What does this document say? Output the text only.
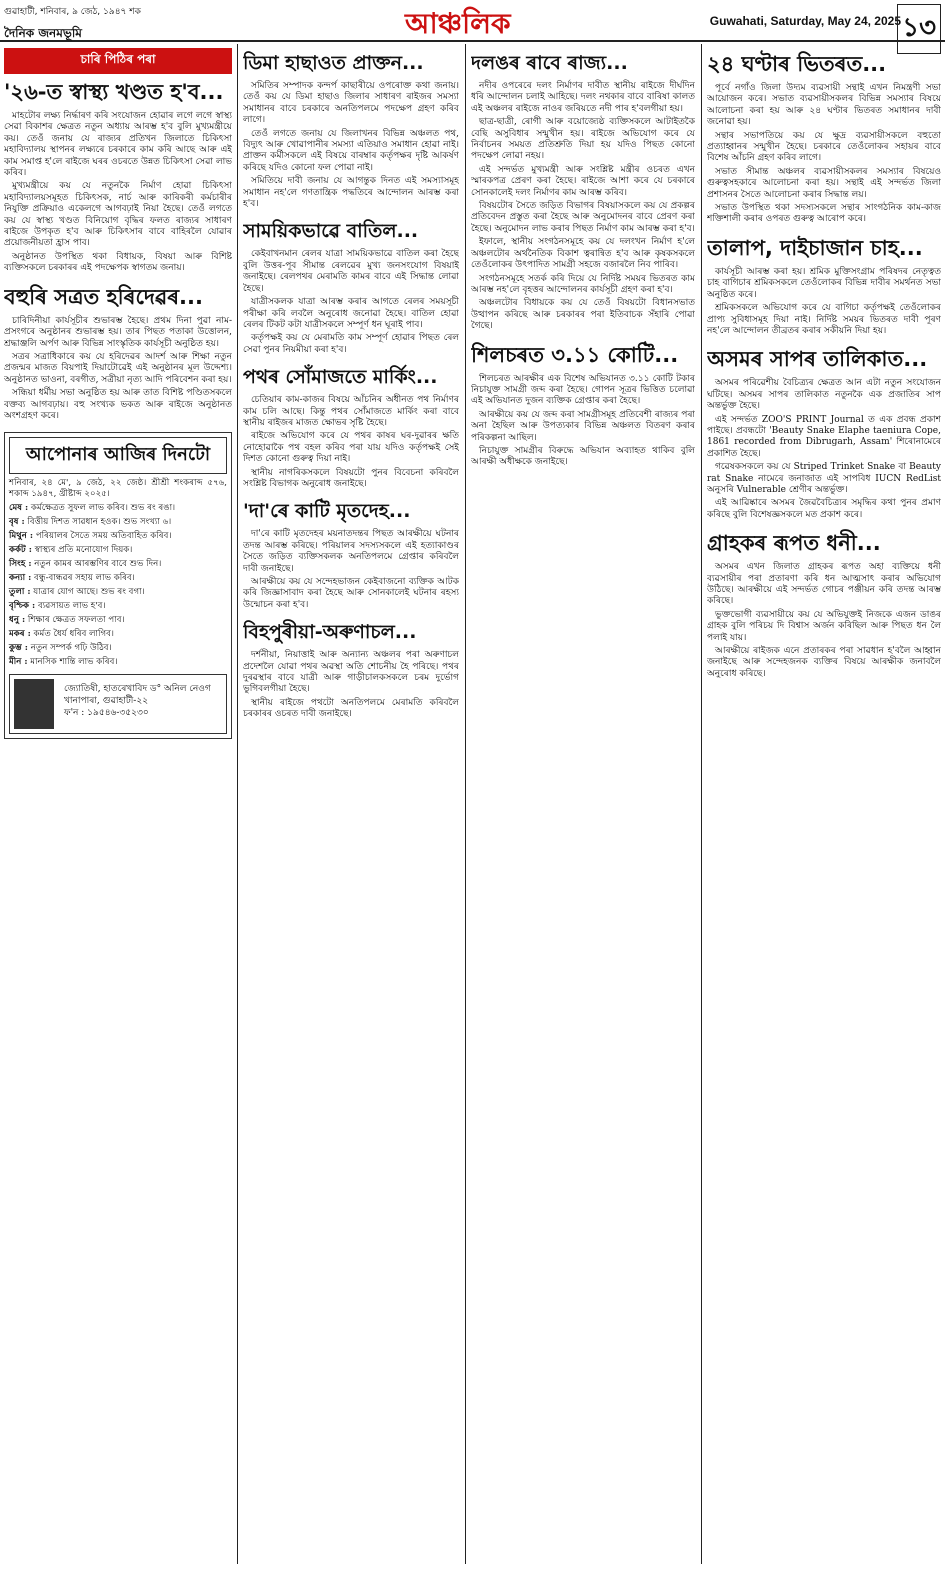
গুৱাহাটী, শনিবাৰ, ৯ জেঠ, ১৯৪৭ শক
দৈনিক জনমভূমি	আঞ্চলিক	Guwahati, Saturday, May 24, 2025 ১৩
চাৰি পিঠিৰ পৰা
'২৬-ত স্বাস্থ্য খণ্ডত হ'ব...

মাহটোৰ লক্ষ্য নিৰ্দ্ধাৰণ কৰি সংযোজন হোৱাৰ লগে লগে স্বাস্থ্য সেৱা বিকাশৰ ক্ষেত্ৰত নতুন অধ্যায় আৰম্ভ হ'ব বুলি মুখ্যমন্ত্ৰীয়ে কয়। তেওঁ জনায় যে ৰাজ্যৰ প্ৰতিখন জিলাতে চিকিৎসা মহাবিদ্যালয় স্থাপনৰ লক্ষ্যৰে চৰকাৰে কাম কৰি আছে আৰু এই কাম সমাপ্ত হ'লে ৰাইজে ঘৰৰ ওচৰতে উন্নত চিকিৎসা সেৱা লাভ কৰিব।

মুখ্যমন্ত্ৰীয়ে কয় যে নতুনকৈ নিৰ্মাণ হোৱা চিকিৎসা মহাবিদ্যালয়সমূহত চিকিৎসক, নাৰ্চ আৰু কাৰিকৰী কৰ্মচাৰীৰ নিযুক্তি প্ৰক্ৰিয়াও একেলগে আগবঢ়াই নিয়া হৈছে। তেওঁ লগতে কয় যে স্বাস্থ্য খণ্ডত বিনিয়োগ বৃদ্ধিৰ ফলত ৰাজ্যৰ সাধাৰণ ৰাইজে উপকৃত হ'ব আৰু চিকিৎসাৰ বাবে বাহিৰলৈ যোৱাৰ প্ৰয়োজনীয়তা হ্ৰাস পাব।

অনুষ্ঠানত উপস্থিত থকা বিধায়ক, বিষয়া আৰু বিশিষ্ট ব্যক্তিসকলে চৰকাৰৰ এই পদক্ষেপক স্বাগতম জনায়।

বহুৰি সত্ৰত হৰিদেৱৰ...

চাৰিদিনীয়া কাৰ্যসূচীৰ শুভাৰম্ভ হৈছে। প্ৰথম দিনা পুৱা নাম-প্ৰসংগৰে অনুষ্ঠানৰ শুভাৰম্ভ হয়। তাৰ পিছত পতাকা উত্তোলন, শ্ৰদ্ধাঞ্জলি অৰ্পণ আৰু বিভিন্ন সাংস্কৃতিক কাৰ্যসূচী অনুষ্ঠিত হয়।

সত্ৰৰ সত্ৰাধিকাৰে কয় যে হৰিদেৱৰ আদৰ্শ আৰু শিক্ষা নতুন প্ৰজন্মৰ মাজত বিয়পাই দিয়াটোৱেই এই অনুষ্ঠানৰ মূল উদ্দেশ্য। অনুষ্ঠানত ভাওনা, বৰগীত, সত্ৰীয়া নৃত্য আদি পৰিবেশন কৰা হয়।

সন্ধিয়া ধৰ্মীয় সভা অনুষ্ঠিত হয় আৰু তাত বিশিষ্ট পণ্ডিতসকলে বক্তব্য আগবঢ়ায়। বহু সংখ্যক ভকত আৰু ৰাইজে অনুষ্ঠানত অংশগ্ৰহণ কৰে।

আপোনাৰ আজিৰ দিনটো
শনিবাৰ, ২৪ মে', ৯ জেঠ, ২২ জেষ্ঠ। শ্ৰীশ্ৰী শংকৰাব্দ ৫৭৬, শকাব্দ ১৯৪৭, খ্ৰীষ্টাব্দ ২০২৫।
মেষ : কৰ্মক্ষেত্ৰত সুফল লাভ কৰিব। শুভ ৰং ৰঙা।
বৃষ : বিত্তীয় দিশত সাৱধান হওক। শুভ সংখ্যা ৬।
মিথুন : পৰিয়ালৰ সৈতে সময় অতিবাহিত কৰিব।
কৰ্কট : স্বাস্থ্যৰ প্ৰতি মনোযোগ দিয়ক।
সিংহ : নতুন কামৰ আৰম্ভণিৰ বাবে শুভ দিন।
কন্যা : বন্ধু-বান্ধৱৰ সহায় লাভ কৰিব।
তুলা : যাত্ৰাৰ যোগ আছে। শুভ ৰং বগা।
বৃশ্চিক : ব্যৱসায়ত লাভ হ'ব।
ধনু : শিক্ষাৰ ক্ষেত্ৰত সফলতা পাব।
মকৰ : কৰ্মত ধৈৰ্য ধৰিব লাগিব।
কুম্ভ : নতুন সম্পৰ্ক গঢ়ি উঠিব।
মীন : মানসিক শান্তি লাভ কৰিব।
জ্যোতিষী, হাতৰেখাবিদ ড° অনিল নেওগ
খানাপাৰা, গুৱাহাটী-২২
ফ'ন : ১৯৫৪৬-৩৫২৩০
ডিমা হাছাওত প্ৰাক্তন...

সমিতিৰ সম্পাদক কন্দৰ্প কাছাৰীয়ে ওপৰোক্ত কথা জনায়। তেওঁ কয় যে ডিমা হাছাও জিলাৰ সাধাৰণ ৰাইজৰ সমস্যা সমাধানৰ বাবে চৰকাৰে অনতিপলমে পদক্ষেপ গ্ৰহণ কৰিব লাগে।

তেওঁ লগতে জনায় যে জিলাখনৰ বিভিন্ন অঞ্চলত পথ, বিদ্যুৎ আৰু খোৱাপানীৰ সমস্যা এতিয়াও সমাধান হোৱা নাই। প্ৰাক্তন কৰ্মীসকলে এই বিষয়ে বাৰম্বাৰ কৰ্তৃপক্ষৰ দৃষ্টি আকৰ্ষণ কৰিছে যদিও কোনো ফল পোৱা নাই।

সমিতিয়ে দাবী জনায় যে আগন্তুক দিনত এই সমস্যাসমূহ সমাধান নহ'লে গণতান্ত্ৰিক পদ্ধতিৰে আন্দোলন আৰম্ভ কৰা হ'ব।

সাময়িকভাৱে বাতিল...

কেইবাখনমান ৰেলৰ যাত্ৰা সাময়িকভাৱে বাতিল কৰা হৈছে বুলি উত্তৰ-পূব সীমান্ত ৰেলৱেৰ মুখ্য জনসংযোগ বিষয়াই জনাইছে। ৰেলপথৰ মেৰামতি কামৰ বাবে এই সিদ্ধান্ত লোৱা হৈছে।

যাত্ৰীসকলক যাত্ৰা আৰম্ভ কৰাৰ আগতে ৰেলৰ সময়সূচী পৰীক্ষা কৰি লবলৈ অনুৰোধ জনোৱা হৈছে। বাতিল হোৱা ৰেলৰ টিকট কটা যাত্ৰীসকলে সম্পূৰ্ণ ধন ঘূৰাই পাব।

কৰ্তৃপক্ষই কয় যে মেৰামতি কাম সম্পূৰ্ণ হোৱাৰ পিছত ৰেল সেৱা পুনৰ নিয়মীয়া কৰা হ'ব।

পথৰ সোঁমাজতে মাৰ্কিং...

চেতিয়াৰ কাম-কাজৰ বিষয়ে আঁচনিৰ অধীনত পথ নিৰ্মাণৰ কাম চলি আছে। কিন্তু পথৰ সোঁমাজতে মাৰ্কিং কৰা বাবে স্থানীয় ৰাইজৰ মাজত ক্ষোভৰ সৃষ্টি হৈছে।

ৰাইজে অভিযোগ কৰে যে পথৰ কাষৰ ঘৰ-দুৱাৰৰ ক্ষতি নোহোৱাকৈ পথ বহল কৰিব পৰা যায় যদিও কৰ্তৃপক্ষই সেই দিশত কোনো গুৰুত্ব দিয়া নাই।

স্থানীয় নাগৰিকসকলে বিষয়টো পুনৰ বিবেচনা কৰিবলৈ সংশ্লিষ্ট বিভাগক অনুৰোধ জনাইছে।

'দা'ৰে কাটি মৃতদেহ...

দা'ৰে কাটি মৃতদেহৰ ময়নাতদন্তৰ পিছত আৰক্ষীয়ে ঘটনাৰ তদন্ত আৰম্ভ কৰিছে। পৰিয়ালৰ সদস্যসকলে এই হত্যাকাণ্ডৰ সৈতে জড়িত ব্যক্তিসকলক অনতিপলমে গ্ৰেপ্তাৰ কৰিবলৈ দাবী জনাইছে।

আৰক্ষীয়ে কয় যে সন্দেহভাজন কেইবাজনো ব্যক্তিক আটক কৰি জিজ্ঞাসাবাদ কৰা হৈছে আৰু সোনকালেই ঘটনাৰ ৰহস্য উন্মোচন কৰা হ'ব।

বিহপুৰীয়া-অৰুণাচল...

দৰ্শনীয়া, নিয়াত্তাই আৰু অন্যান্য অঞ্চলৰ পৰা অৰুণাচল প্ৰদেশলৈ যোৱা পথৰ অৱস্থা অতি শোচনীয় হৈ পৰিছে। পথৰ দুৰৱস্থাৰ বাবে যাত্ৰী আৰু গাড়ীচালকসকলে চৰম দুৰ্ভোগ ভুগিবলগীয়া হৈছে।

স্থানীয় ৰাইজে পথটো অনতিপলমে মেৰামতি কৰিবলৈ চৰকাৰৰ ওচৰত দাবী জনাইছে।

দলঙৰ ৰাবে ৰাজ্য...

নদীৰ ওপৰেৰে দলং নিৰ্মাণৰ দাবীত স্থানীয় ৰাইজে দীৰ্ঘদিন ধৰি আন্দোলন চলাই আহিছে। দলং নথকাৰ বাবে বাৰিষা কালত এই অঞ্চলৰ ৰাইজে নাওৰ জৰিয়তে নদী পাৰ হ'বলগীয়া হয়।

ছাত্ৰ-ছাত্ৰী, ৰোগী আৰু বয়োজ্যেষ্ঠ ব্যক্তিসকলে আটাইতকৈ বেছি অসুবিধাৰ সন্মুখীন হয়। ৰাইজে অভিযোগ কৰে যে নিৰ্বাচনৰ সময়ত প্ৰতিশ্ৰুতি দিয়া হয় যদিও পিছত কোনো পদক্ষেপ লোৱা নহয়।

এই সন্দৰ্ভত মুখ্যমন্ত্ৰী আৰু সংশ্লিষ্ট মন্ত্ৰীৰ ওচৰত এখন স্মাৰকপত্ৰ প্ৰেৰণ কৰা হৈছে। ৰাইজে আশা কৰে যে চৰকাৰে সোনকালেই দলং নিৰ্মাণৰ কাম আৰম্ভ কৰিব।

বিষয়টোৰ সৈতে জড়িত বিভাগৰ বিষয়াসকলে কয় যে প্ৰকল্পৰ প্ৰতিবেদন প্ৰস্তুত কৰা হৈছে আৰু অনুমোদনৰ বাবে প্ৰেৰণ কৰা হৈছে। অনুমোদন লাভ কৰাৰ পিছত নিৰ্মাণ কাম আৰম্ভ কৰা হ'ব।

ইফালে, স্থানীয় সংগঠনসমূহে কয় যে দলংখন নিৰ্মাণ হ'লে অঞ্চলটোৰ অৰ্থনৈতিক বিকাশ ত্বৰান্বিত হ'ব আৰু কৃষকসকলে তেওঁলোকৰ উৎপাদিত সামগ্ৰী সহজে বজাৰলৈ নিব পাৰিব।

সংগঠনসমূহে সতৰ্ক কৰি দিয়ে যে নিৰ্দিষ্ট সময়ৰ ভিতৰত কাম আৰম্ভ নহ'লে বৃহত্তৰ আন্দোলনৰ কাৰ্যসূচী গ্ৰহণ কৰা হ'ব।

অঞ্চলটোৰ বিধায়কে কয় যে তেওঁ বিষয়টো বিধানসভাত উত্থাপন কৰিছে আৰু চৰকাৰৰ পৰা ইতিবাচক সঁহাৰি পোৱা গৈছে।

শিলচৰত ৩.১১ কোটি...

শিলচৰত আৰক্ষীৰ এক বিশেষ অভিযানত ৩.১১ কোটি টকাৰ নিচাযুক্ত সামগ্ৰী জব্দ কৰা হৈছে। গোপন সূত্ৰৰ ভিত্তিত চলোৱা এই অভিযানত দুজন ব্যক্তিক গ্ৰেপ্তাৰ কৰা হৈছে।

আৰক্ষীয়ে কয় যে জব্দ কৰা সামগ্ৰীসমূহ প্ৰতিবেশী ৰাজ্যৰ পৰা অনা হৈছিল আৰু উপত্যকাৰ বিভিন্ন অঞ্চলত বিতৰণ কৰাৰ পৰিকল্পনা আছিল।

নিচাযুক্ত সামগ্ৰীৰ বিৰুদ্ধে অভিযান অব্যাহত থাকিব বুলি আৰক্ষী অধীক্ষকে জনাইছে।

২৪ ঘণ্টাৰ ভিতৰত...

পূৰ্বে নগাঁও জিলা উদ্যম ব্যৱসায়ী সন্থাই এখন নিমন্ত্ৰণী সভা আয়োজন কৰে। সভাত ব্যৱসায়ীসকলৰ বিভিন্ন সমস্যাৰ বিষয়ে আলোচনা কৰা হয় আৰু ২৪ ঘণ্টাৰ ভিতৰত সমাধানৰ দাবী জনোৱা হয়।

সন্থাৰ সভাপতিয়ে কয় যে ক্ষুদ্ৰ ব্যৱসায়ীসকলে বহুতো প্ৰত্যাহ্বানৰ সন্মুখীন হৈছে। চৰকাৰে তেওঁলোকৰ সহায়ৰ বাবে বিশেষ আঁচনি গ্ৰহণ কৰিব লাগে।

সভাত সীমান্ত অঞ্চলৰ ব্যৱসায়ীসকলৰ সমস্যাৰ বিষয়েও গুৰুত্বসহকাৰে আলোচনা কৰা হয়। সন্থাই এই সন্দৰ্ভত জিলা প্ৰশাসনৰ সৈতে আলোচনা কৰাৰ সিদ্ধান্ত লয়।

সভাত উপস্থিত থকা সদস্যসকলে সন্থাৰ সাংগঠনিক কাম-কাজ শক্তিশালী কৰাৰ ওপৰত গুৰুত্ব আৰোপ কৰে।

তালাপ, দাইচাজান চাহ...

কাৰ্যসূচী আৰম্ভ কৰা হয়। শ্ৰমিক মুক্তিসংগ্ৰাম পৰিষদৰ নেতৃত্বত চাহ বাগিচাৰ শ্ৰমিকসকলে তেওঁলোকৰ বিভিন্ন দাবীৰ সমৰ্থনত সভা অনুষ্ঠিত কৰে।

শ্ৰমিকসকলে অভিযোগ কৰে যে বাগিচা কৰ্তৃপক্ষই তেওঁলোকৰ প্ৰাপ্য সুবিধাসমূহ দিয়া নাই। নিৰ্দিষ্ট সময়ৰ ভিতৰত দাবী পূৰণ নহ'লে আন্দোলন তীব্ৰতৰ কৰাৰ সকীয়নি দিয়া হয়।

অসমৰ সাপৰ তালিকাত...

অসমৰ পৰিৱেশীয় বৈচিত্ৰ্যৰ ক্ষেত্ৰত আন এটা নতুন সংযোজন ঘটিছে। অসমৰ সাপৰ তালিকাত নতুনকৈ এক প্ৰজাতিৰ সাপ অন্তৰ্ভুক্ত হৈছে।

এই সন্দৰ্ভত ZOO'S PRINT Journal ত এক প্ৰবন্ধ প্ৰকাশ পাইছে। প্ৰবন্ধটো 'Beauty Snake Elaphe taeniura Cope, 1861 recorded from Dibrugarh, Assam' শিৰোনামেৰে প্ৰকাশিত হৈছে।

গৱেষকসকলে কয় যে Striped Trinket Snake বা Beauty rat Snake নামেৰে জনাজাত এই সাপবিধ IUCN RedList অনুসৰি Vulnerable শ্ৰেণীৰ অন্তৰ্ভুক্ত।

এই আৱিষ্কাৰে অসমৰ জৈৱবৈচিত্ৰ্যৰ সমৃদ্ধিৰ কথা পুনৰ প্ৰমাণ কৰিছে বুলি বিশেষজ্ঞসকলে মত প্ৰকাশ কৰে।

গ্ৰাহকৰ ৰূপত ধনী...

অসমৰ এখন জিলাত গ্ৰাহকৰ ৰূপত অহা ব্যক্তিয়ে ধনী ব্যৱসায়ীৰ পৰা প্ৰতাৰণা কৰি ধন আত্মসাৎ কৰাৰ অভিযোগ উঠিছে। আৰক্ষীয়ে এই সন্দৰ্ভত গোচৰ পঞ্জীয়ন কৰি তদন্ত আৰম্ভ কৰিছে।

ভুক্তভোগী ব্যৱসায়ীয়ে কয় যে অভিযুক্তই নিজকে এজন ডাঙৰ গ্ৰাহক বুলি পৰিচয় দি বিশ্বাস অৰ্জন কৰিছিল আৰু পিছত ধন লৈ পলাই যায়।

আৰক্ষীয়ে ৰাইজক এনে প্ৰতাৰকৰ পৰা সাৱধান হ'বলৈ আহ্বান জনাইছে আৰু সন্দেহজনক ব্যক্তিৰ বিষয়ে আৰক্ষীক জনাবলৈ অনুৰোধ কৰিছে।
